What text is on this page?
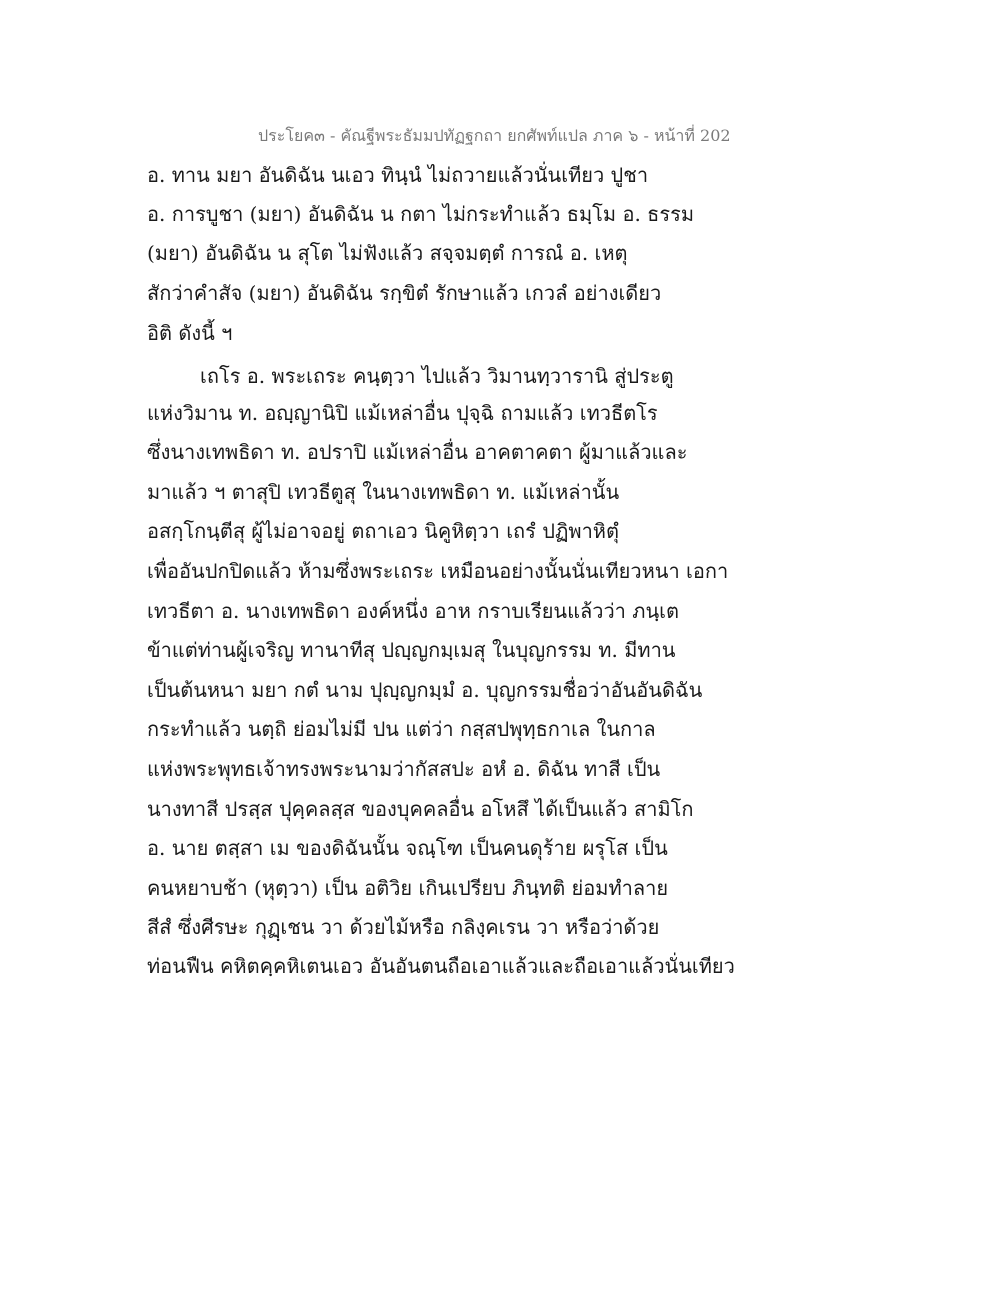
ประโยค๓ - คัณฐีพระธัมมปทัฏฐกถา ยกศัพท์แปล ภาค ๖ - หน้าที่ 202
อ. ทาน มยา อันดิฉัน นเอว ทินฺนํ ไม่ถวายแล้วนั่นเทียว ปูชา
อ. การบูชา (มยา) อันดิฉัน น กตา ไม่กระทำแล้ว ธมฺโม อ. ธรรม
(มยา) อันดิฉัน น สุโต ไม่ฟังแล้ว สจฺจมตฺตํ การณํ อ. เหตุ
สักว่าคำสัจ (มยา) อันดิฉัน รกฺขิตํ รักษาแล้ว เกวลํ อย่างเดียว
อิติ ดังนี้ ฯ
เถโร อ. พระเถระ คนฺตฺวา ไปแล้ว วิมานทฺวารานิ สู่ประตู
แห่งวิมาน ท. อญฺญานิปิ แม้เหล่าอื่น ปุจฺฉิ ถามแล้ว เทวธีตโร
ซึ่งนางเทพธิดา ท. อปราปิ แม้เหล่าอื่น อาคตาคตา ผู้มาแล้วและ
มาแล้ว ฯ ตาสุปิ เทวธีตูสุ ในนางเทพธิดา ท. แม้เหล่านั้น
อสกฺโกนฺตีสุ ผู้ไม่อาจอยู่ ตถาเอว นิคูหิตฺวา เถรํ ปฏิพาหิตุํ
เพื่ออันปกปิดแล้ว ห้ามซึ่งพระเถระ เหมือนอย่างนั้นนั่นเทียวหนา เอกา
เทวธีตา อ. นางเทพธิดา องค์หนึ่ง อาห กราบเรียนแล้วว่า ภนฺเต
ข้าแต่ท่านผู้เจริญ ทานาทีสุ ปญฺญกมฺเมสุ ในบุญกรรม ท. มีทาน
เป็นต้นหนา มยา กตํ นาม ปุญฺญกมฺมํ อ. บุญกรรมชื่อว่าอันอันดิฉัน
กระทำแล้ว นตฺถิ ย่อมไม่มี ปน แต่ว่า กสฺสปพุทฺธกาเล ในกาล
แห่งพระพุทธเจ้าทรงพระนามว่ากัสสปะ อหํ อ. ดิฉัน ทาสี เป็น
นางทาสี ปรสฺส ปุคฺคลสฺส ของบุคคลอื่น อโหสึ ได้เป็นแล้ว สามิโก
อ. นาย ตสฺสา เม ของดิฉันนั้น จณฺโฑ เป็นคนดุร้าย ผรุโส เป็น
คนหยาบช้า (หุตฺวา) เป็น อติวิย เกินเปรียบ ภินฺทติ ย่อมทำลาย
สีสํ ซึ่งศีรษะ กุฏฺเชน วา ด้วยไม้หรือ กลิงฺคเรน วา หรือว่าด้วย
ท่อนฟืน คหิตคฺคหิเตนเอว อันอันตนถือเอาแล้วและถือเอาแล้วนั่นเทียว
